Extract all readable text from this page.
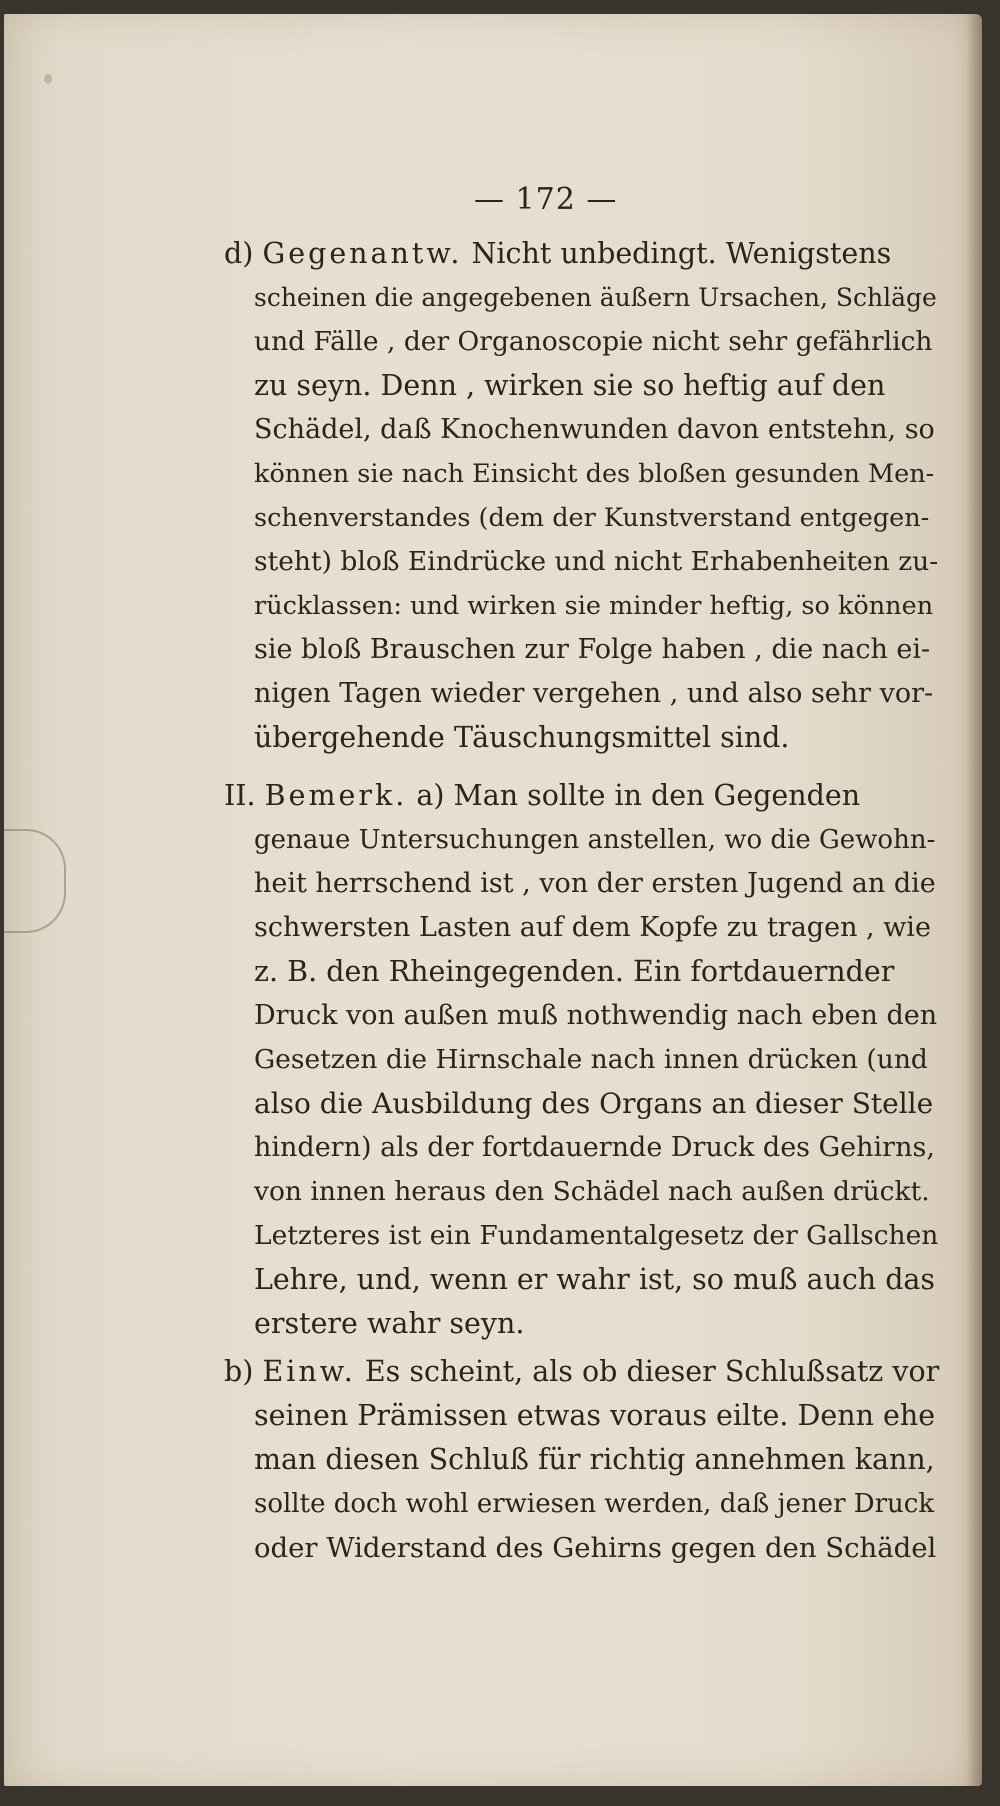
— 172 —
d) Gegenantw. Nicht unbedingt. Wenigstens
scheinen die angegebenen äußern Ursachen, Schläge
und Fälle , der Organoscopie nicht sehr gefährlich
zu seyn. Denn , wirken sie so heftig auf den
Schädel, daß Knochenwunden davon entstehn, so
können sie nach Einsicht des bloßen gesunden Men-
schenverstandes (dem der Kunstverstand entgegen-
steht) bloß Eindrücke und nicht Erhabenheiten zu-
rücklassen: und wirken sie minder heftig, so können
sie bloß Brauschen zur Folge haben , die nach ei-
nigen Tagen wieder vergehen , und also sehr vor-
übergehende Täuschungsmittel sind.
II. Bemerk. a) Man sollte in den Gegenden
genaue Untersuchungen anstellen, wo die Gewohn-
heit herrschend ist , von der ersten Jugend an die
schwersten Lasten auf dem Kopfe zu tragen , wie
z. B. den Rheingegenden. Ein fortdauernder
Druck von außen muß nothwendig nach eben den
Gesetzen die Hirnschale nach innen drücken (und
also die Ausbildung des Organs an dieser Stelle
hindern) als der fortdauernde Druck des Gehirns,
von innen heraus den Schädel nach außen drückt.
Letzteres ist ein Fundamentalgesetz der Gallschen
Lehre, und, wenn er wahr ist, so muß auch das
erstere wahr seyn.
b) Einw. Es scheint, als ob dieser Schlußsatz vor
seinen Prämissen etwas voraus eilte. Denn ehe
man diesen Schluß für richtig annehmen kann,
sollte doch wohl erwiesen werden, daß jener Druck
oder Widerstand des Gehirns gegen den Schädel
